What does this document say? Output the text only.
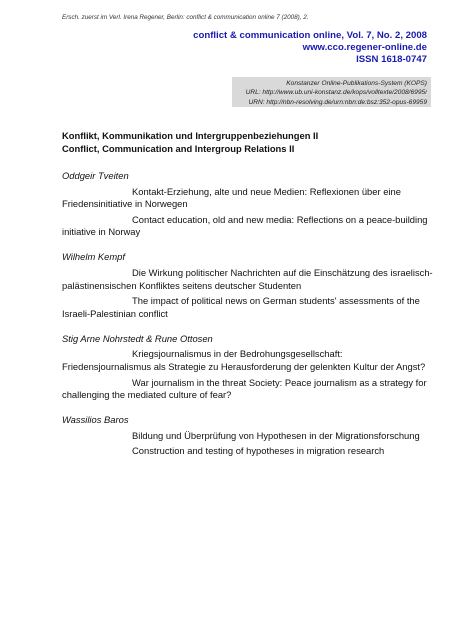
Ersch. zuerst im Verl. Irena Regener, Berlin: conflict & communication online 7 (2008), 2.
conflict & communication online, Vol. 7, No. 2, 2008
www.cco.regener-online.de
ISSN 1618-0747
Konstanzer Online-Publikations-System (KOPS)
URL: http://www.ub.uni-konstanz.de/kops/volltexte/2008/6995/
URN: http://nbn-resolving.de/urn:nbn:de:bsz:352-opus-69959
Konflikt, Kommunikation und Intergruppenbeziehungen II
Conflict, Communication and Intergroup Relations II
Oddgeir Tveiten
Kontakt-Erziehung, alte und neue Medien: Reflexionen über eine Friedensinitiative in Norwegen
Contact education, old and new media: Reflections on a peace-building initiative in Norway
Wilhelm Kempf
Die Wirkung politischer Nachrichten auf die Einschätzung des israelisch-palästinensischen Konfliktes seitens deutscher Studenten
The impact of political news on German students' assessments of the Israeli-Palestinian conflict
Stig Arne Nohrstedt & Rune Ottosen
Kriegsjournalismus in der Bedrohungsgesellschaft: Friedensjournalismus als Strategie zu Herausforderung der gelenkten Kultur der Angst?
War journalism in the threat Society: Peace journalism as a strategy for challenging the mediated culture of fear?
Wassilios Baros
Bildung und Überprüfung von Hypothesen in der Migrationsforschung
Construction and testing of hypotheses in migration research
